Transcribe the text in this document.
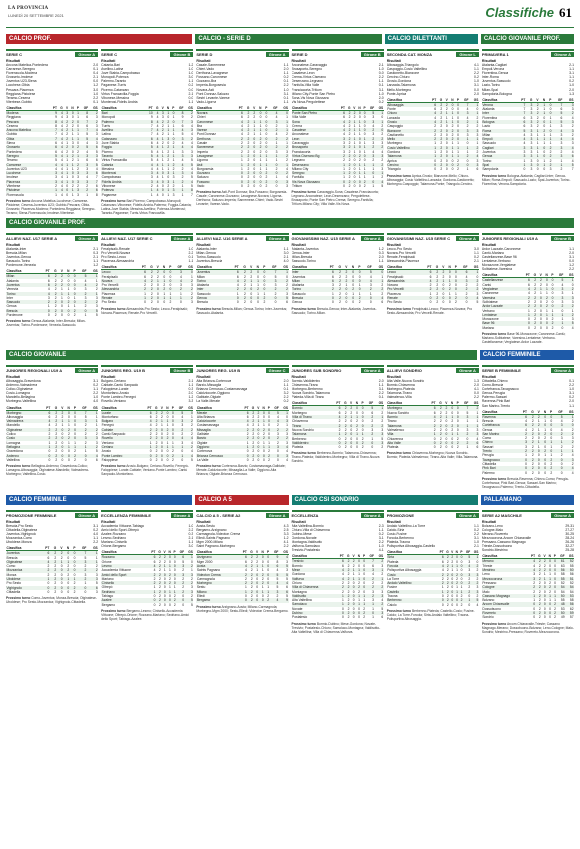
LA PROVINCIA
LUNEDÌ 20 SETTEMBRE 2021	Classifiche 61
CALCIO PROF.	CALCIO - SERIE D	CALCIO DILETTANTI	CALCIO GIOVANILE PROF.
SERIE C	Girone A
Risultati
Ancona Matelica-Pontedera	2-0
Carrarese-Seregno	0-1
Fiorenzuola-Modena	0-4
Grosseto-Imolese	2-1
Juventus U23-Siena	0-0
Lucchese-Olbia	1-2
Pescara-Piacenza	3-0
Reggiana-Pistoiese	1-0
Teramo-Cesena	2-2
Viterbese-Gubbio	0-1
Classifica	PT	G	V	N	P	GF	GS
Modena	9	4	3	0	1	8	2
Reggiana	9	4	3	0	1	6	3
Pescara	8	4	2	2	0	7	2
Cesena	8	4	2	2	0	6	3
Ancona Matelica	7	4	2	1	1	7	4
Gubbio	7	4	2	1	1	5	3
Olbia	7	4	2	1	1	5	4
Siena	6	4	1	3	0	4	3
Grosseto	6	4	2	0	2	5	6
Pontedera	6	4	2	0	2	4	5
Seregno	5	4	1	2	1	3	3
Teramo	5	4	1	2	1	6	6
Carrarese	4	4	1	1	2	3	5
Juventus U23	4	4	1	1	2	3	4
Lucchese	3	4	1	0	3	3	6
Imolese	3	4	1	0	3	4	7
Piacenza	3	4	1	0	3	3	7
Viterbese	2	4	0	2	2	2	6
Pistoiese	1	4	0	1	3	2	6
Fiorenzuola	1	4	0	1	3	1	8
Prossimo turno Ancona Matelica-Lucchese; Carrarese-Pistoiese; Cesena-Juventus U23; Gubbio-Pescara; Olbia-Grosseto; Piacenza-Modena; Pontedera-Reggiana; Seregno-Teramo; Siena-Fiorenzuola; Imolese-Viterbese.
SERIE C	Girone B
Risultati
Catania-Bari	1-2
Avellino-Latina	1-0
Juve Stabia-Campobasso	1-0
Monopoli-Potenza	3-0
Palermo-Taranto	1-1
Paganese-Turris	0-2
Picerno-Catanzaro	0-0
Virtus Francavilla-Foggia	2-1
Vibonese-Messina	0-0
Monterosi-Fidelis Andria	1-1
Classifica	PT	G	V	N	P	GF	GS
Bari	10	4	3	1	0	8	2
Monopoli	9	4	3	0	1	9	2
Palermo	8	4	2	2	0	7	3
Turris	7	4	2	1	1	6	4
Avellino	7	4	2	1	1	4	3
Latina	7	4	2	1	1	5	4
Catanzaro	6	4	1	3	0	3	2
Juve Stabia	6	4	2	0	2	4	4
Foggia	5	4	1	2	1	4	4
Picerno	5	4	1	2	1	3	3
Taranto	5	4	1	2	1	3	3
Virtus Francavilla	5	4	1	2	1	4	5
Catania	4	4	1	1	2	4	5
Messina	4	4	1	1	2	2	4
Monterosi	3	4	0	3	1	3	4
Campobasso	3	4	1	0	3	2	5
Fidelis Andria	3	4	0	3	1	2	4
Vibonese	2	4	0	2	2	1	5
Potenza	1	4	0	1	3	1	8
Paganese	1	4	0	1	3	1	7
Prossimo turno Bari-Picerno; Campobasso-Monopoli; Catanzaro-Vibonese; Fidelis Andria-Palermo; Foggia-Catania; Latina-Juve Stabia; Messina-Avellino; Potenza-Monterosi; Taranto-Paganese; Turris-Virtus Francavilla.
SERIE D	Girone A
Risultati
Casale-Sanremese	1-1
Chieri-Vado	2-0
Derthona-Lavagnese	1-1
Fossano-Caronnese	0-2
Gozzano-Bra	0-1
Imperia-Borgosesia	2-2
Novara-Asti	1-0
Pont Donnaz-Saluzzo	3-1
Sestri Levante-Varese	0-1
Vado-Ligorna	1-1
Classifica	PT	G	V	N	P	GF	GS
Novara	6	2	2	0	0	4	0
Chieri	6	2	2	0	0	4	1
Caronnese	4	2	1	1	0	3	1
Bra	4	2	1	1	0	2	1
Varese	4	2	1	1	0	2	1
Pont Donnaz	4	2	1	1	0	4	2
Derthona	2	2	0	2	0	2	2
Casale	2	2	0	2	0	1	1
Sanremese	2	2	0	2	0	2	2
Imperia	2	2	0	2	0	3	3
Lavagnese	1	2	0	1	1	1	2
Ligorna	1	2	0	1	1	1	2
Asti	1	2	0	1	1	0	1
Borgosesia	1	2	0	1	1	2	4
Gozzano	0	2	0	0	2	0	2
Saluzzo	0	2	0	0	2	1	4
Fossano	0	2	0	0	2	0	3
Vado	0	2	0	0	2	0	3
Prossimo turno Asti-Pont Donnaz; Bra-Fossano; Borgosesia-Casale; Caronnese-Gozzano; Lavagnese-Novara; Ligorna-Derthona; Saluzzo-Imperia; Sanremese-Chieri; Vado-Sestri Levante; Varese-Vado.
SERIE D	Girone B
Risultati
Arconatese-Caravaggio	2-1
Brusaporto-Seregno	1-0
Casatese-Leon	0-0
Crema-Virtus Ciserano	2-2
Desenzano-Legnano	1-1
Fanfulla-Villa Valle	0-1
Franciacorta-Tritium	3-1
Milano City-Ponte San Pietro	1-0
Sona-Vis Nova Giussano	2-0
Vis Nova-Pergolettese	0-2
Classifica	PT	G	V	N	P	GF	GS
Ponte San Pietro	6	2	2	0	0	5	1
Villa Valle	6	2	2	0	0	3	0
Sona	4	2	1	1	0	3	1
Crema	4	2	1	1	0	4	2
Casatese	4	2	1	1	0	2	0
Arconatese	4	2	1	1	0	3	2
Leon	3	2	1	0	1	2	2
Caravaggio	3	2	1	0	1	3	3
Brusaporto	3	2	1	0	1	2	2
Franciacorta	3	2	1	0	1	4	4
Virtus Ciserano Bg	2	2	0	2	0	3	3
Legnano	2	2	0	2	0	2	2
Desenzano	1	2	0	1	1	1	2
Milano City	1	2	0	1	1	1	3
Seregno	1	2	0	1	1	0	1
Fanfulla	1	2	0	1	1	1	2
Vis Nova Giussano	0	2	0	0	2	0	4
Tritium	0	2	0	0	2	1	5
Prossimo turno Caravaggio-Sona; Casatese-Franciacorta; Legnano-Arconatese; Leon-Desenzano; Pergolettese-Brusaporto; Ponte San Pietro-Crema; Seregno-Fanfulla; Tritium-Milano City; Villa Valle-Vis Nova.
SECONDA CAT. MONZA	Girone L
Risultati
Albosaggia-Triangolo	4-1
Caspoggio-Cosio Valtellino	1-1
Castionetto-Bianzone	2-2
Cercino-Chiuro	0-2
Grosio-Gordona	1-0
Lanzada-Talamona	3-1
Mello-Morbegno	0-0
Ponte-Aprica	2-0
Classifica	PT	G	V	N	P	GF	GS
Albosaggia	6	2	2	0	0	7	1
Ponte	6	2	2	0	0	4	0
Chiuro	4	2	1	1	0	3	1
Lanzada	4	2	1	1	0	4	2
Grosio	4	2	1	1	0	2	1
Caspoggio	2	2	0	2	0	2	2
Bianzone	2	2	0	2	0	3	3
Castionetto	2	2	0	2	0	3	3
Mello	2	2	0	2	0	1	1
Morbegno	1	2	0	1	1	0	1
Cosio Valtellino	1	2	0	1	1	1	2
Gordona	1	2	0	1	1	1	2
Talamona	1	2	0	1	1	2	4
Aprica	0	2	0	0	2	0	3
Cercino	0	2	0	0	2	0	3
Triangolo	0	2	0	0	2	1	6
Prossimo turno Aprica-Grosio; Bianzone-Mello; Chiuro-Albosaggia; Cosio Valtellino-Lanzada; Gordona-Castionetto; Morbegno-Caspoggio; Talamona-Ponte; Triangolo-Cercino.
PRIMAVERA 1	Girone A
Risultati
Atalanta-Cagliari	2-1
Empoli-Verona	1-1
Fiorentina-Genoa	3-1
Inter-Roma	1-1
Juventus-Sassuolo	0-2
Lazio-Torino	1-0
Milan-Spal	2-0
Sampdoria-Bologna	1-3
Classifica	PT	G	V	N	P	GF	GS
Verona	7	3	2	1	0	7	3
Atalanta	7	3	2	1	0	6	3
Inter	7	3	2	1	0	5	2
Fiorentina	6	3	2	0	1	6	4
Bologna	6	3	2	0	1	5	3
Lazio	6	3	2	0	1	3	2
Roma	5	3	1	2	0	4	3
Milan	4	3	1	1	1	3	2
Empoli	4	3	1	1	1	4	4
Sassuolo	4	3	1	1	1	3	3
Cagliari	3	3	1	0	2	3	4
Juventus	3	3	1	0	2	2	4
Genoa	3	3	1	0	2	3	6
Torino	1	3	0	1	2	1	4
Spal	1	3	0	1	2	1	5
Sampdoria	0	3	0	0	3	2	7
Prossimo turno Bologna-Atalanta; Cagliari-Inter; Genoa-Milan; Roma-Empoli; Sassuolo-Lazio; Spal-Juventus; Torino-Fiorentina; Verona-Sampdoria.
CALCIO GIOVANILE PROF.
ALLIEVI NAZ. U17 SERIE A	Girone A
Risultati
Atalanta-Inter	2-1
Brescia-Milan	0-3
Juventus-Genoa	2-1
Sassuolo-Torino	1-1
Pordenone-Venezia	1-2
Classifica	PT	G	V	N	P	GF	GS
Milan	6	2	2	0	0	5	1
Atalanta	6	2	2	0	0	4	1
Juventus	6	2	2	0	0	4	2
Venezia	4	2	1	1	0	3	2
Torino	4	2	1	1	0	2	1
Inter	3	2	1	0	1	3	3
Sassuolo	2	2	0	2	0	2	2
Genoa	1	2	0	1	1	2	3
Brescia	0	2	0	0	2	0	5
Pordenone	0	2	0	0	2	1	5
Prossimo turno Genoa-Atalanta; Inter-Brescia; Milan-Juventus; Torino-Pordenone; Venezia-Sassuolo.
ALLIEVI NAZ. U17 SERIE C	Girone A
Risultati
Feralpisalò-Renate	1-0
Pro Vercelli-Novara	2-2
Pro Sesto-Lecco	0-1
Piacenza-Alessandria	1-1
Classifica	PT	G	V	N	P	GF	GS
Lecco	6	2	2	0	0	3	0
Feralpisalò	6	2	2	0	0	4	1
Novara	4	2	1	1	0	4	2
Pro Vercelli	2	2	0	2	0	3	3
Alessandria	2	2	0	2	0	2	2
Piacenza	1	2	0	1	1	1	2
Renate	1	2	0	1	1	1	2
Pro Sesto	0	2	0	0	2	0	3
Prossimo turno Alessandria-Pro Sesto; Lecco-Feralpisalò; Novara-Piacenza; Renate-Pro Vercelli.
ALLIEVI NAZ. U16 SERIE A	Girone A
Risultati
Atalanta-Inter	1-1
Milan-Genoa	3-0
Torino-Sassuolo	2-1
Juventus-Brescia	4-0
Classifica	PT	G	V	N	P	GF	GS
Juventus	6	2	2	0	0	7	1
Milan	6	2	2	0	0	5	0
Torino	4	2	1	1	0	3	2
Atalanta	4	2	1	1	0	3	2
Inter	2	2	0	2	0	2	2
Sassuolo	1	2	0	1	1	2	3
Genoa	0	2	0	0	2	0	5
Brescia	0	2	0	0	2	0	6
Prossimo turno Brescia-Milan; Genoa-Torino; Inter-Juventus; Sassuolo-Atalanta.
GIOVANISSIMI NAZ. U15 SERIE A	Girone A
Risultati
Atalanta-Juventus	1-2
Genoa-Inter	0-3
Milan-Brescia	2-0
Sassuolo-Torino	1-1
Classifica	PT	G	V	N	P	GF	GS
Inter	6	2	2	0	0	5	0
Juventus	6	2	2	0	0	4	1
Milan	6	2	2	0	0	4	1
Atalanta	3	2	1	0	1	3	2
Torino	2	2	0	2	0	2	2
Sassuolo	1	2	0	1	1	1	2
Brescia	0	2	0	0	2	0	4
Genoa	0	2	0	0	2	0	6
Prossimo turno Brescia-Genoa; Inter-Atalanta; Juventus-Sassuolo; Torino-Milan.
GIOVANISSIMI NAZ. U15 SERIE C	Girone A
Risultati
Lecco-Pro Sesto	3-0
Novara-Pro Vercelli	1-1
Renate-Feralpisalò	0-2
Alessandria-Piacenza	2-1
Classifica	PT	G	V	N	P	GF	GS
Lecco	6	2	2	0	0	6	1
Feralpisalò	6	2	2	0	0	4	0
Alessandria	4	2	1	1	0	3	2
Novara	2	2	0	2	0	2	2
Pro Vercelli	2	2	0	2	0	2	2
Piacenza	1	2	0	1	1	2	3
Renate	0	2	0	0	2	0	4
Pro Sesto	0	2	0	0	2	0	5
Prossimo turno Feralpisalò-Lecco; Piacenza-Novara; Pro Sesto-Alessandria; Pro Vercelli-Renate.
JUNIORES REGIONALI U19 A	Girone B
Risultati
Ardor Lazzate-Caronnese	1-1
Cantù-Mariano	2-0
Castellanzese-Base 96	3-1
Lentatese-Verbano	0-0
Morazzone-Vergiatese	1-2
Solbiatese-Varesina	2-2
Classifica	PT	G	V	N	P	GF	GS
Castellanzese	6	2	2	0	0	5	1
Cantù	6	2	2	0	0	4	0
Vergiatese	4	2	1	1	0	3	2
Caronnese	4	2	1	1	0	3	1
Varesina	2	2	0	2	0	3	3
Solbiatese	2	2	0	2	0	3	3
Ardor Lazzate	2	2	0	2	0	2	2
Verbano	1	2	0	1	1	0	1
Lentatese	1	2	0	1	1	1	2
Morazzone	0	2	0	0	2	1	3
Base 96	0	2	0	0	2	1	5
Mariano	0	2	0	0	2	0	4
Prossimo turno Base 96-Morazzone; Caronnese-Cantù; Mariano-Solbiatese; Varesina-Lentatese; Verbano-Castellanzese; Vergiatese-Ardor Lazzate.
CALCIO GIOVANILE	CALCIO FEMMINILE
JUNIORES REGIONALI U19 A	Girone A
Risultati
Albosaggia-Gravedona	3-1
Ardenno-Valmadrera	0-2
Colico-Olginatese	1-1
Cosio-Lomagna	2-2
Mandello-Bellagina	1-0
Morbegno-Valtellina	4-0
Classifica	PT	G	V	N	P	GF	GS
Morbegno	6	2	2	0	0	7	1
Albosaggia	6	2	2	0	0	5	1
Valmadrera	4	2	1	1	0	3	1
Mandello	4	2	1	1	0	2	1
Olginatese	2	2	0	2	0	2	2
Colico	2	2	0	2	0	2	2
Cosio	2	2	0	2	0	3	3
Lomagna	1	2	0	1	1	2	3
Bellagina	1	2	0	1	1	1	2
Gravedona	0	2	0	0	2	1	5
Ardenno	0	2	0	0	2	0	4
Valtellina	0	2	0	0	2	0	6
Prossimo turno Bellagina-Ardenno; Gravedona-Colico; Lomagna-Albosaggia; Olginatese-Mandello; Valmadrera-Morbegno; Valtellina-Cosio.
JUNIORES REG. U19 B	Girone B
Risultati
Bulgaro-Ceriano	2-1
Cabiate-Cantù Sanpaolo	1-1
Faloppiese-Lurate	0-3
Montorfano-Arosio	2-0
Ponte Lambro-Fenegrò	1-2
Rovello-Veniano	3-3
Classifica	PT	G	V	N	P	GF	GS
Lurate	6	2	2	0	0	5	0
Montorfano	6	2	2	0	0	4	1
Bulgaro	4	2	1	1	0	3	2
Fenegrò	4	2	1	1	0	3	2
Cabiate	2	2	0	2	0	2	2
Cantù Sanpaolo	2	2	0	2	0	2	2
Rovello	2	2	0	2	0	4	4
Veniano	1	2	0	1	1	3	4
Ceriano	1	2	0	1	1	1	2
Arosio	0	2	0	0	2	0	4
Ponte Lambro	0	2	0	0	2	1	4
Faloppiese	0	2	0	0	2	0	5
Prossimo turno Arosio-Bulgaro; Ceriano-Rovello; Fenegrò-Faloppiese; Lurate-Cabiate; Veniano-Ponte Lambro; Cantù Sanpaolo-Montorfano.
JUNIORES REG. U19 B	Girone C
Risultati
Alta Brianza-Cortenova	2-0
Barzio-Missaglia	1-1
Brianza Cernusco-Costamasnaga	0-1
Calolziocorte-Oggiono	3-2
Galbiate-Olgiate	2-2
La Valle-Merate	0-2
Classifica	PT	G	V	N	P	GF	GS
Merate	6	2	2	0	0	5	1
Alta Brianza	6	2	2	0	0	4	0
Calolziocorte	4	2	1	1	0	4	3
Costamasnaga	4	2	1	1	0	2	1
Missaglia	2	2	0	2	0	2	2
Galbiate	2	2	0	2	0	3	3
Barzio	2	2	0	2	0	2	2
Olgiate	1	2	0	1	1	2	3
Oggiono	1	2	0	1	1	3	4
Cortenova	0	2	0	0	2	0	4
Brianza Cernusco	0	2	0	0	2	0	3
La Valle	0	2	0	0	2	0	4
Prossimo turno Cortenova-Barzio; Costamasnaga-Galbiate; Merate-Calolziocorte; Missaglia-La Valle; Oggiono-Alta Brianza; Olgiate-Brianza Cernusco.
JUNIORES SUB SONDRIO	Girone A
Risultati
Bormio-Valdidentro	2-0
Chiavenna-Tirano	1-1
Morbegno-Berbenno	3-1
Nuova Sondrio-Talamona	2-2
Piateda-Villa di Tirano	0-1
Classifica	PT	G	V	N	P	GF	GS
Bormio	6	2	2	0	0	5	1
Morbegno	6	2	2	0	0	6	2
Villa di Tirano	4	2	1	1	0	2	1
Chiavenna	2	2	0	2	0	2	2
Tirano	2	2	0	2	0	2	2
Nuova Sondrio	2	2	0	2	0	3	3
Talamona	1	2	0	1	1	2	3
Berbenno	0	2	0	0	2	1	5
Valdidentro	0	2	0	0	2	0	3
Piateda	0	2	0	0	2	0	2
Prossimo turno Berbenno-Bormio; Talamona-Chiavenna; Tirano-Piateda; Valdidentro-Morbegno; Villa di Tirano-Nuova Sondrio.
ALLIEVI SONDRIO	Girone A
Risultati
Alta Valle-Nuova Sondrio	1-3
Bormio-Chiavenna	2-0
Morbegno-Piateda	4-1
Talamona-Tirano	0-0
Valmalenco-Villa	2-2
Classifica	PT	G	V	N	P	GF	GS
Morbegno	6	2	2	0	0	7	2
Nuova Sondrio	6	2	2	0	0	5	1
Bormio	4	2	1	1	0	3	1
Tirano	2	2	0	2	0	1	1
Talamona	2	2	0	2	0	1	1
Valmalenco	2	2	0	2	0	3	3
Villa	1	2	0	1	1	2	3
Chiavenna	0	2	0	0	2	0	4
Alta Valle	0	2	0	0	2	2	6
Piateda	0	2	0	0	2	1	6
Prossimo turno Chiavenna-Morbegno; Nuova Sondrio-Bormio; Piateda-Valmalenco; Tirano-Alta Valle; Villa-Talamona.
SERIE B FEMMINILE	Girone A
Risultati
Cittadella-Chievo	0-1
Como-Brescia	2-2
Cortefranca-Tavagnacco	1-0
Genoa-Perugia	3-1
Palermo-Sassari	0-2
Ravenna-Pink Bari	2-0
San Marino-Trento	1-1
Classifica	PT	G	V	N	P	GF	GS
Ravenna	6	2	2	0	0	5	1
Brescia	4	2	1	1	0	4	2
Cortefranca	6	2	2	0	0	3	0
Genoa	4	2	1	1	0	4	2
San Marino	2	2	0	2	0	2	2
Como	2	2	0	2	0	3	3
Chievo	3	2	1	0	1	1	2
Sassari	3	2	1	0	1	2	2
Trento	2	2	0	2	0	1	1
Perugia	1	2	0	1	1	2	4
Tavagnacco	0	2	0	0	2	0	3
Cittadella	0	2	0	0	2	0	2
Pink Bari	0	2	0	0	2	0	4
Palermo	0	2	0	0	2	0	4
Prossimo turno Brescia-Ravenna; Chievo-Como; Perugia-Cortefranca; Pink Bari-Genoa; Sassari-San Marino; Tavagnacco-Palermo; Trento-Cittadella.
CALCIO FEMMINILE	CALCIO A 5	CALCIO CSI SONDRIO	PALLAMANO
PROMOZIONE FEMMINILE	Girone A
Risultati
Brescia-Pro Sesto	3-1
Cittadella-Olginatese	0-2
Juventus-Vighignolo	4-0
Mozzanica-Como	1-1
Uboldese-Monza	2-2
Classifica	PT	G	V	N	P	GF	GS
Juventus	6	2	2	0	0	7	1
Brescia	6	2	2	0	0	5	1
Olginatese	4	2	1	1	0	3	1
Como	2	2	0	2	0	2	2
Mozzanica	2	2	0	2	0	2	2
Monza	2	2	0	2	0	3	3
Uboldese	1	2	0	1	1	2	3
Pro Sesto	0	2	0	0	2	1	5
Vighignolo	0	2	0	0	2	0	6
Cittadella	0	2	0	0	2	0	3
Prossimo turno Como-Juventus; Monza-Brescia; Olginatese-Uboldese; Pro Sesto-Mozzanica; Vighignolo-Cittadella.
ECCELLENZA FEMMINILE	Girone A
Risultati
Accademia Vittuone-Tabiago	1-0
Amici dello Sport-Oltrepò	2-2
Azalee-Rozzano	0-3
Lesmo-Sedriano	2-1
Mariano-Cinisello	1-1
Orione-Bergamo	3-0
Classifica	PT	G	V	N	P	GF	GS
Rozzano	6	2	2	0	0	6	1
Orione	6	2	2	0	0	5	0
Lesmo	4	2	1	1	0	3	2
Accademia Vittuone	4	2	1	1	0	2	1
Amici dello Sport	2	2	0	2	0	3	3
Mariano	2	2	0	2	0	2	2
Cinisello	2	2	0	2	0	2	2
Oltrepò	1	2	0	1	1	2	3
Sedriano	1	2	0	1	1	2	3
Tabiago	0	2	0	0	2	0	2
Azalee	0	2	0	0	2	0	5
Bergamo	0	2	0	0	2	0	5
Prossimo turno Bergamo-Lesmo; Cinisello-Accademia Vittuone; Oltrepò-Orione; Rozzano-Mariano; Sedriano-Amici dello Sport; Tabiago-Azalee.
CALCIO A 5 - SERIE A2	Girone A
Risultati
Aosta-Sestu	4-3
Bergamo-Arzignano	2-5
Carmagnola-Videoton Crema	3-3
Elledì-Saints Pagnano	1-2
Mgm 2000-Milano	4-1
Saint Pagnano-Morbegno	2-2
Classifica	PT	G	V	N	P	GF	GS
Arzignano	6	2	2	0	0	9	4
Mgm 2000	6	2	2	0	0	8	3
Aosta	4	2	1	1	0	6	5
Saints Pagnano	4	2	1	1	0	4	3
Videoton Crema	2	2	0	2	0	5	5
Carmagnola	2	2	0	2	0	5	5
Morbegno	2	2	0	2	0	4	4
Sestu	1	2	0	1	1	5	6
Milano	1	2	0	1	1	3	6
Elledì	0	2	0	0	2	2	5
Bergamo	0	2	0	0	2	4	9
Prossimo turno Arzignano-Aosta; Milano-Carmagnola; Morbegno-Mgm 2000; Sestu-Elledì; Videoton Crema-Bergamo.
ECCELLENZA	Girone A
Risultati
Alta Valtellina-Bormio	2-3
Chiuro-Villa di Chiavenna	1-1
Dubino-Mese	0-2
Gordona-Novate	3-1
Montagna-Valdisotto	2-2
Valfurva-Samolaco	1-0
Tresivio-Postalesio	4-1
Classifica	PT	G	V	N	P	GF	GS
Tresivio	6	2	2	0	0	7	2
Bormio	6	2	2	0	0	6	3
Mese	4	2	1	1	0	3	1
Gordona	4	2	1	1	0	4	2
Valfurva	4	2	1	1	0	2	1
Chiuro	2	2	0	2	0	2	2
Villa di Chiavenna	2	2	0	2	0	2	2
Montagna	2	2	0	2	0	3	3
Valdisotto	1	2	0	1	1	2	3
Alta Valtellina	1	2	0	1	1	3	4
Samolaco	1	2	0	1	1	1	2
Novate	0	2	0	0	2	1	5
Dubino	0	2	0	0	2	0	3
Postalesio	0	2	0	0	2	1	6
Prossimo turno Bormio-Dubino; Mese-Gordona; Novate-Tresivio; Postalesio-Chiuro; Samolaco-Montagna; Valdisotto-Alta Valtellina; Villa di Chiavenna-Valfurva.
PROMOZIONE	Girone A
Risultati
Andalo Valtellino-La Torre	1-1
Caiolo-Sirta	0-2
Cosio-Fusine	2-2
Forcola-Berbenno	3-1
Piateda-Traona	1-0
Polisportiva Albosaggia-Castello	2-1
Classifica	PT	G	V	N	P	GF	GS
Sirta	6	2	2	0	0	5	1
Piateda	6	2	2	0	0	3	0
Forcola	4	2	1	1	0	4	2
Polisportiva Albosaggia	4	2	1	1	0	3	2
Cosio	2	2	0	2	0	3	3
La Torre	2	2	0	2	0	2	2
Andalo Valtellino	2	2	0	2	0	2	2
Fusine	1	2	0	1	1	2	3
Castello	1	2	0	1	1	2	3
Traona	0	2	0	0	2	0	2
Berbenno	0	2	0	0	2	1	5
Caiolo	0	2	0	0	2	0	4
Prossimo turno Berbenno-Piateda; Castello-Cosio; Fusine-Caiolo; La Torre-Forcola; Sirta-Andalo Valtellino; Traona-Polisportiva Albosaggia.
SERIE A2 MASCHILE	Girone A
Risultati
Bolzano-Leno	29-31
Cologne-Malo	27-27
Merano-Rovereto	30-25
Mezzocorona-Arcom Chiaravalle	28-24
Pressano-Cassano Magnago	26-26
Trieste-Dossobuono	32-27
Sondrio-Mestrino	25-28
Classifica	PT	G	V	N	P	GF	GS
Merano	4	2	2	0	0	61	52
Trieste	4	2	2	0	0	63	55
Mestrino	4	2	2	0	0	56	50
Leno	3	2	1	1	0	58	56
Mezzocorona	3	2	1	1	0	55	51
Pressano	2	2	0	2	0	52	52
Cologne	2	2	0	2	0	54	54
Malo	2	2	0	2	0	54	54
Cassano Magnago	1	2	0	1	1	50	53
Bolzano	1	2	0	1	1	55	58
Arcom Chiaravalle	0	2	0	0	2	48	56
Dossobuono	0	2	0	0	2	53	62
Rovereto	0	2	0	0	2	50	59
Sondrio	0	2	0	0	2	49	57
Prossimo turno Arcom Chiaravalle-Trieste; Cassano Magnago-Merano; Dossobuono-Bolzano; Leno-Cologne; Malo-Sondrio; Mestrino-Pressano; Rovereto-Mezzocorona.
